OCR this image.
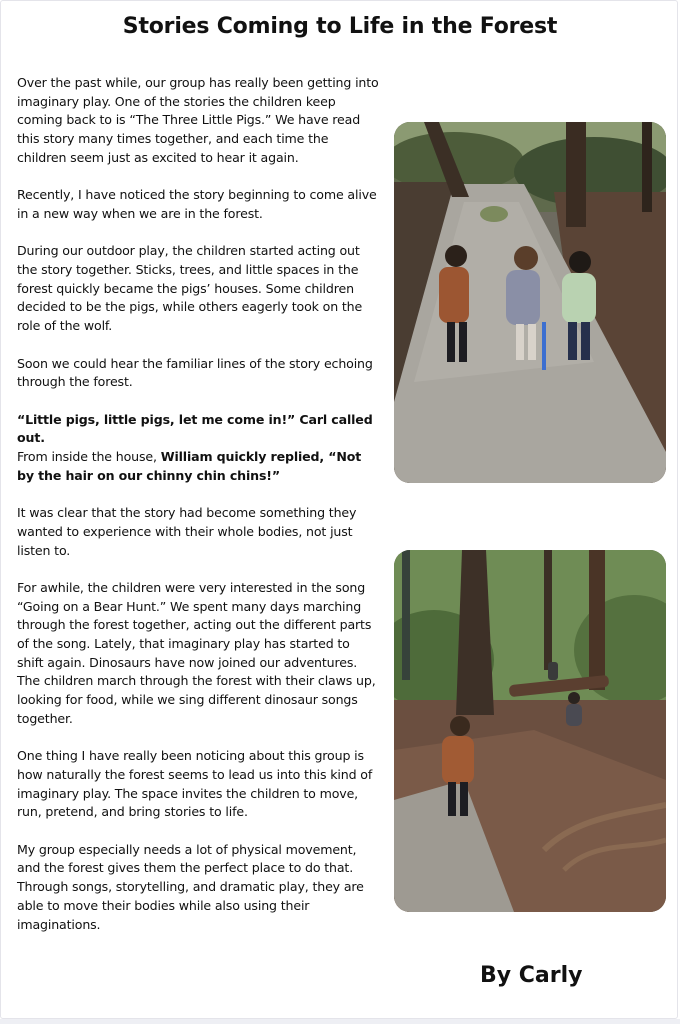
Stories Coming to Life in the Forest

Over the past while, our group has really been getting into imaginary play. One of the stories the children keep coming back to is “The Three Little Pigs.” We have read this story many times together, and each time the children seem just as excited to hear it again.

Recently, I have noticed the story beginning to come alive in a new way when we are in the forest.

During our outdoor play, the children started acting out the story together. Sticks, trees, and little spaces in the forest quickly became the pigs’ houses. Some children decided to be the pigs, while others eagerly took on the role of the wolf.

Soon we could hear the familiar lines of the story echoing through the forest.

“Little pigs, little pigs, let me come in!” Carl called out.
From inside the house, William quickly replied, “Not by the hair on our chinny chin chins!”

It was clear that the story had become something they wanted to experience with their whole bodies, not just listen to.

For awhile, the children were very interested in the song “Going on a Bear Hunt.” We spent many days marching through the forest together, acting out the different parts of the song. Lately, that imaginary play has started to shift again. Dinosaurs have now joined our adventures. The children march through the forest with their claws up, looking for food, while we sing different dinosaur songs together.

One thing I have really been noticing about this group is how naturally the forest seems to lead us into this kind of imaginary play. The space invites the children to move, run, pretend, and bring stories to life.

My group especially needs a lot of physical movement, and the forest gives them the perfect place to do that. Through songs, storytelling, and dramatic play, they are able to move their bodies while also using their imaginations.

By Carly
